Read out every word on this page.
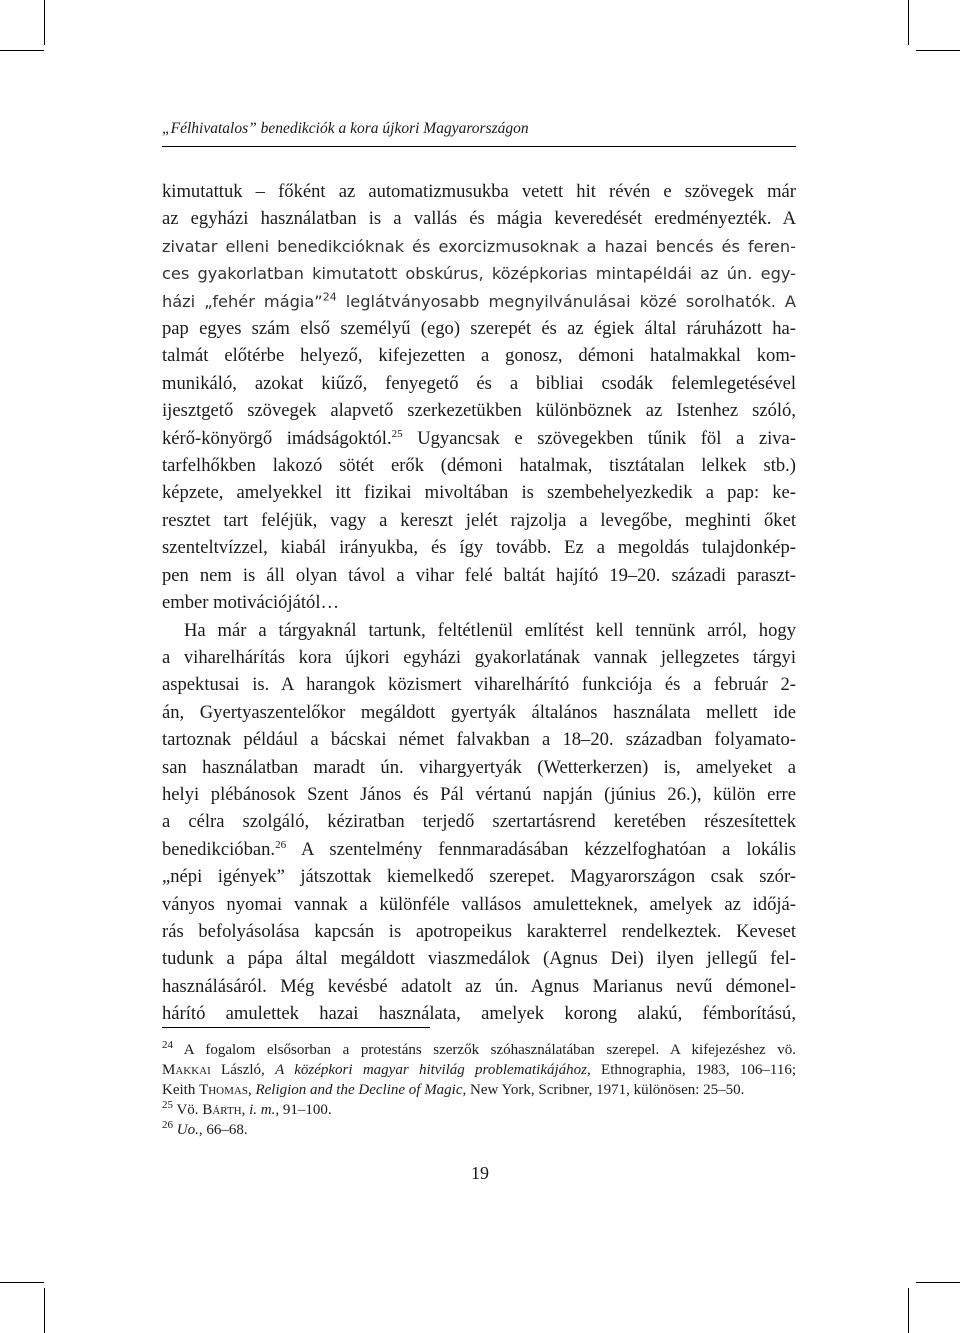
„Félhivatalos” benedikciók a kora újkori Magyarországon
kimutattuk – főként az automatizmusukba vetett hit révén e szövegek már
az egyházi használatban is a vallás és mágia keveredését eredményezték. A
zivatar elleni benedikcióknak és exorcizmusoknak a hazai bencés és feren-
ces gyakorlatban kimutatott obskúrus, középkorias mintapéldái az ún. egy-
házi „fehér mágia”$^{24}$ leglátványosabb megnyilvánulásai közé sorolhatók. A
pap egyes szám első személyű (ego) szerepét és az égiek által ráruházott ha-
talmát előtérbe helyező, kifejezetten a gonosz, démoni hatalmakkal kom-
munikáló, azokat kiűző, fenyegető és a bibliai csodák felemlegetésével
ijesztgető szövegek alapvető szerkezetükben különböznek az Istenhez szóló,
kérő-könyörgő imádságoktól.$^{25}$ Ugyancsak e szövegekben tűnik föl a ziva-
tarfelhőkben lakozó sötét erők (démoni hatalmak, tisztátalan lelkek stb.)
képzete, amelyekkel itt fizikai mivoltában is szembehelyezkedik a pap: ke-
resztet tart feléjük, vagy a kereszt jelét rajzolja a levegőbe, meghinti őket
szenteltvízzel, kiabál irányukba, és így tovább. Ez a megoldás tulajdonkép-
pen nem is áll olyan távol a vihar felé baltát hajító 19–20. századi paraszt-
ember motivációjától…
Ha már a tárgyaknál tartunk, feltétlenül említést kell tennünk arról, hogy
a viharelhárítás kora újkori egyházi gyakorlatának vannak jellegzetes tárgyi
aspektusai is. A harangok közismert viharelhárító funkciója és a február 2-
án, Gyertyaszentelőkor megáldott gyertyák általános használata mellett ide
tartoznak például a bácskai német falvakban a 18–20. században folyamato-
san használatban maradt ún. vihargyertyák (Wetterkerzen) is, amelyeket a
helyi plébánosok Szent János és Pál vértanú napján (június 26.), külön erre
a célra szolgáló, kéziratban terjedő szertartásrend keretében részesítettek
benedikcióban.$^{26}$ A szentelmény fennmaradásában kézzelfoghatóan a lokális
„népi igények” játszottak kiemelkedő szerepet. Magyarországon csak szór-
ványos nyomai vannak a különféle vallásos amuletteknek, amelyek az időjá-
rás befolyásolása kapcsán is apotropeikus karakterrel rendelkeztek. Keveset
tudunk a pápa által megáldott viaszmedálok (Agnus Dei) ilyen jellegű fel-
használásáról. Még kevésbé adatolt az ún. Agnus Marianus nevű démonel-
hárító amulettek hazai használata, amelyek korong alakú, fémborítású,
$^{24}$ A fogalom elsősorban a protestáns szerzők szóhasználatában szerepel. A kifejezéshez vö.
Makkai László, A középkori magyar hitvilág problematikájához, Ethnographia, 1983, 106–116;
Keith Thomas, Religion and the Decline of Magic, New York, Scribner, 1971, különösen: 25–50.
$^{25}$ Vö. Bárth, i. m., 91–100.
$^{26}$ Uo., 66–68.
19
